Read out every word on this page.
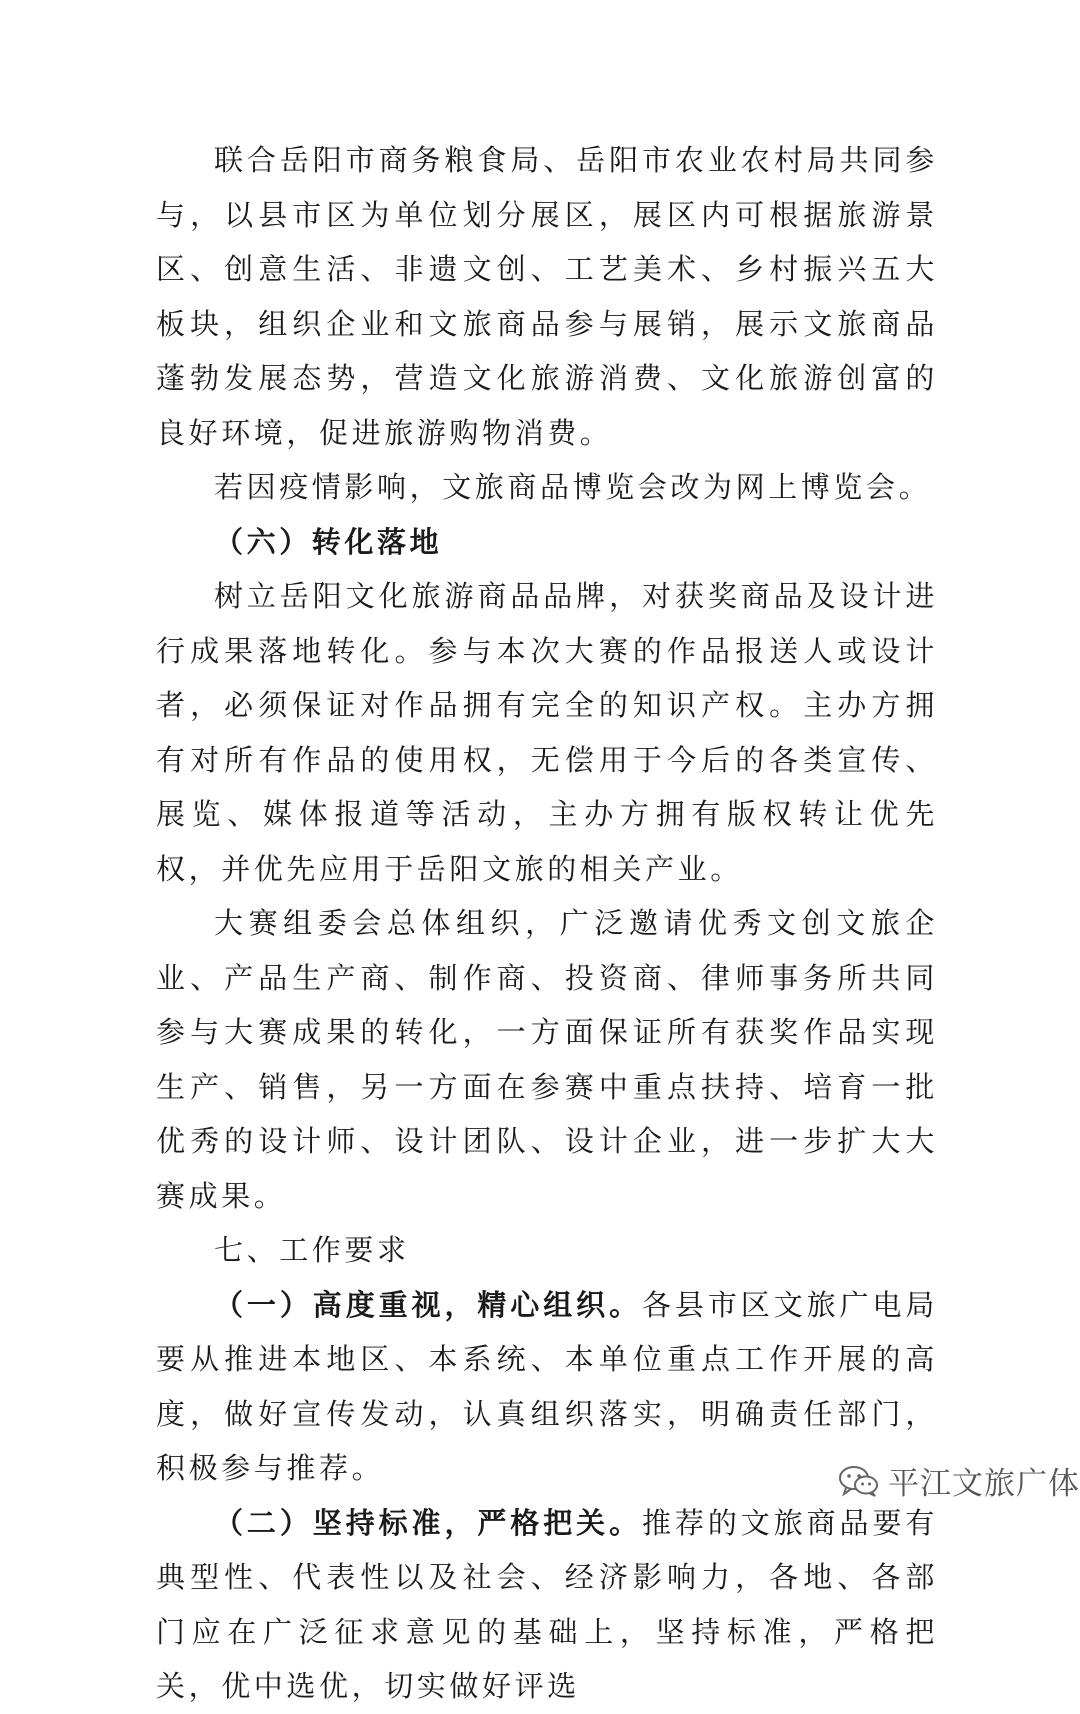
联合岳阳市商务粮食局、岳阳市农业农村局共同参与，以县市区为单位划分展区，展区内可根据旅游景区、创意生活、非遗文创、工艺美术、乡村振兴五大板块，组织企业和文旅商品参与展销，展示文旅商品蓬勃发展态势，营造文化旅游消费、文化旅游创富的良好环境，促进旅游购物消费。

若因疫情影响，文旅商品博览会改为网上博览会。

（六）转化落地

树立岳阳文化旅游商品品牌，对获奖商品及设计进行成果落地转化。参与本次大赛的作品报送人或设计者，必须保证对作品拥有完全的知识产权。主办方拥有对所有作品的使用权，无偿用于今后的各类宣传、展览、媒体报道等活动，主办方拥有版权转让优先权，并优先应用于岳阳文旅的相关产业。

大赛组委会总体组织，广泛邀请优秀文创文旅企业、产品生产商、制作商、投资商、律师事务所共同参与大赛成果的转化，一方面保证所有获奖作品实现生产、销售，另一方面在参赛中重点扶持、培育一批优秀的设计师、设计团队、设计企业，进一步扩大大赛成果。

七、工作要求

（一）高度重视，精心组织。各县市区文旅广电局要从推进本地区、本系统、本单位重点工作开展的高度，做好宣传发动，认真组织落实，明确责任部门，积极参与推荐。

（二）坚持标准，严格把关。推荐的文旅商品要有典型性、代表性以及社会、经济影响力，各地、各部门应在广泛征求意见的基础上，坚持标准，严格把关，优中选优，切实做好评选

平江文旅广体
